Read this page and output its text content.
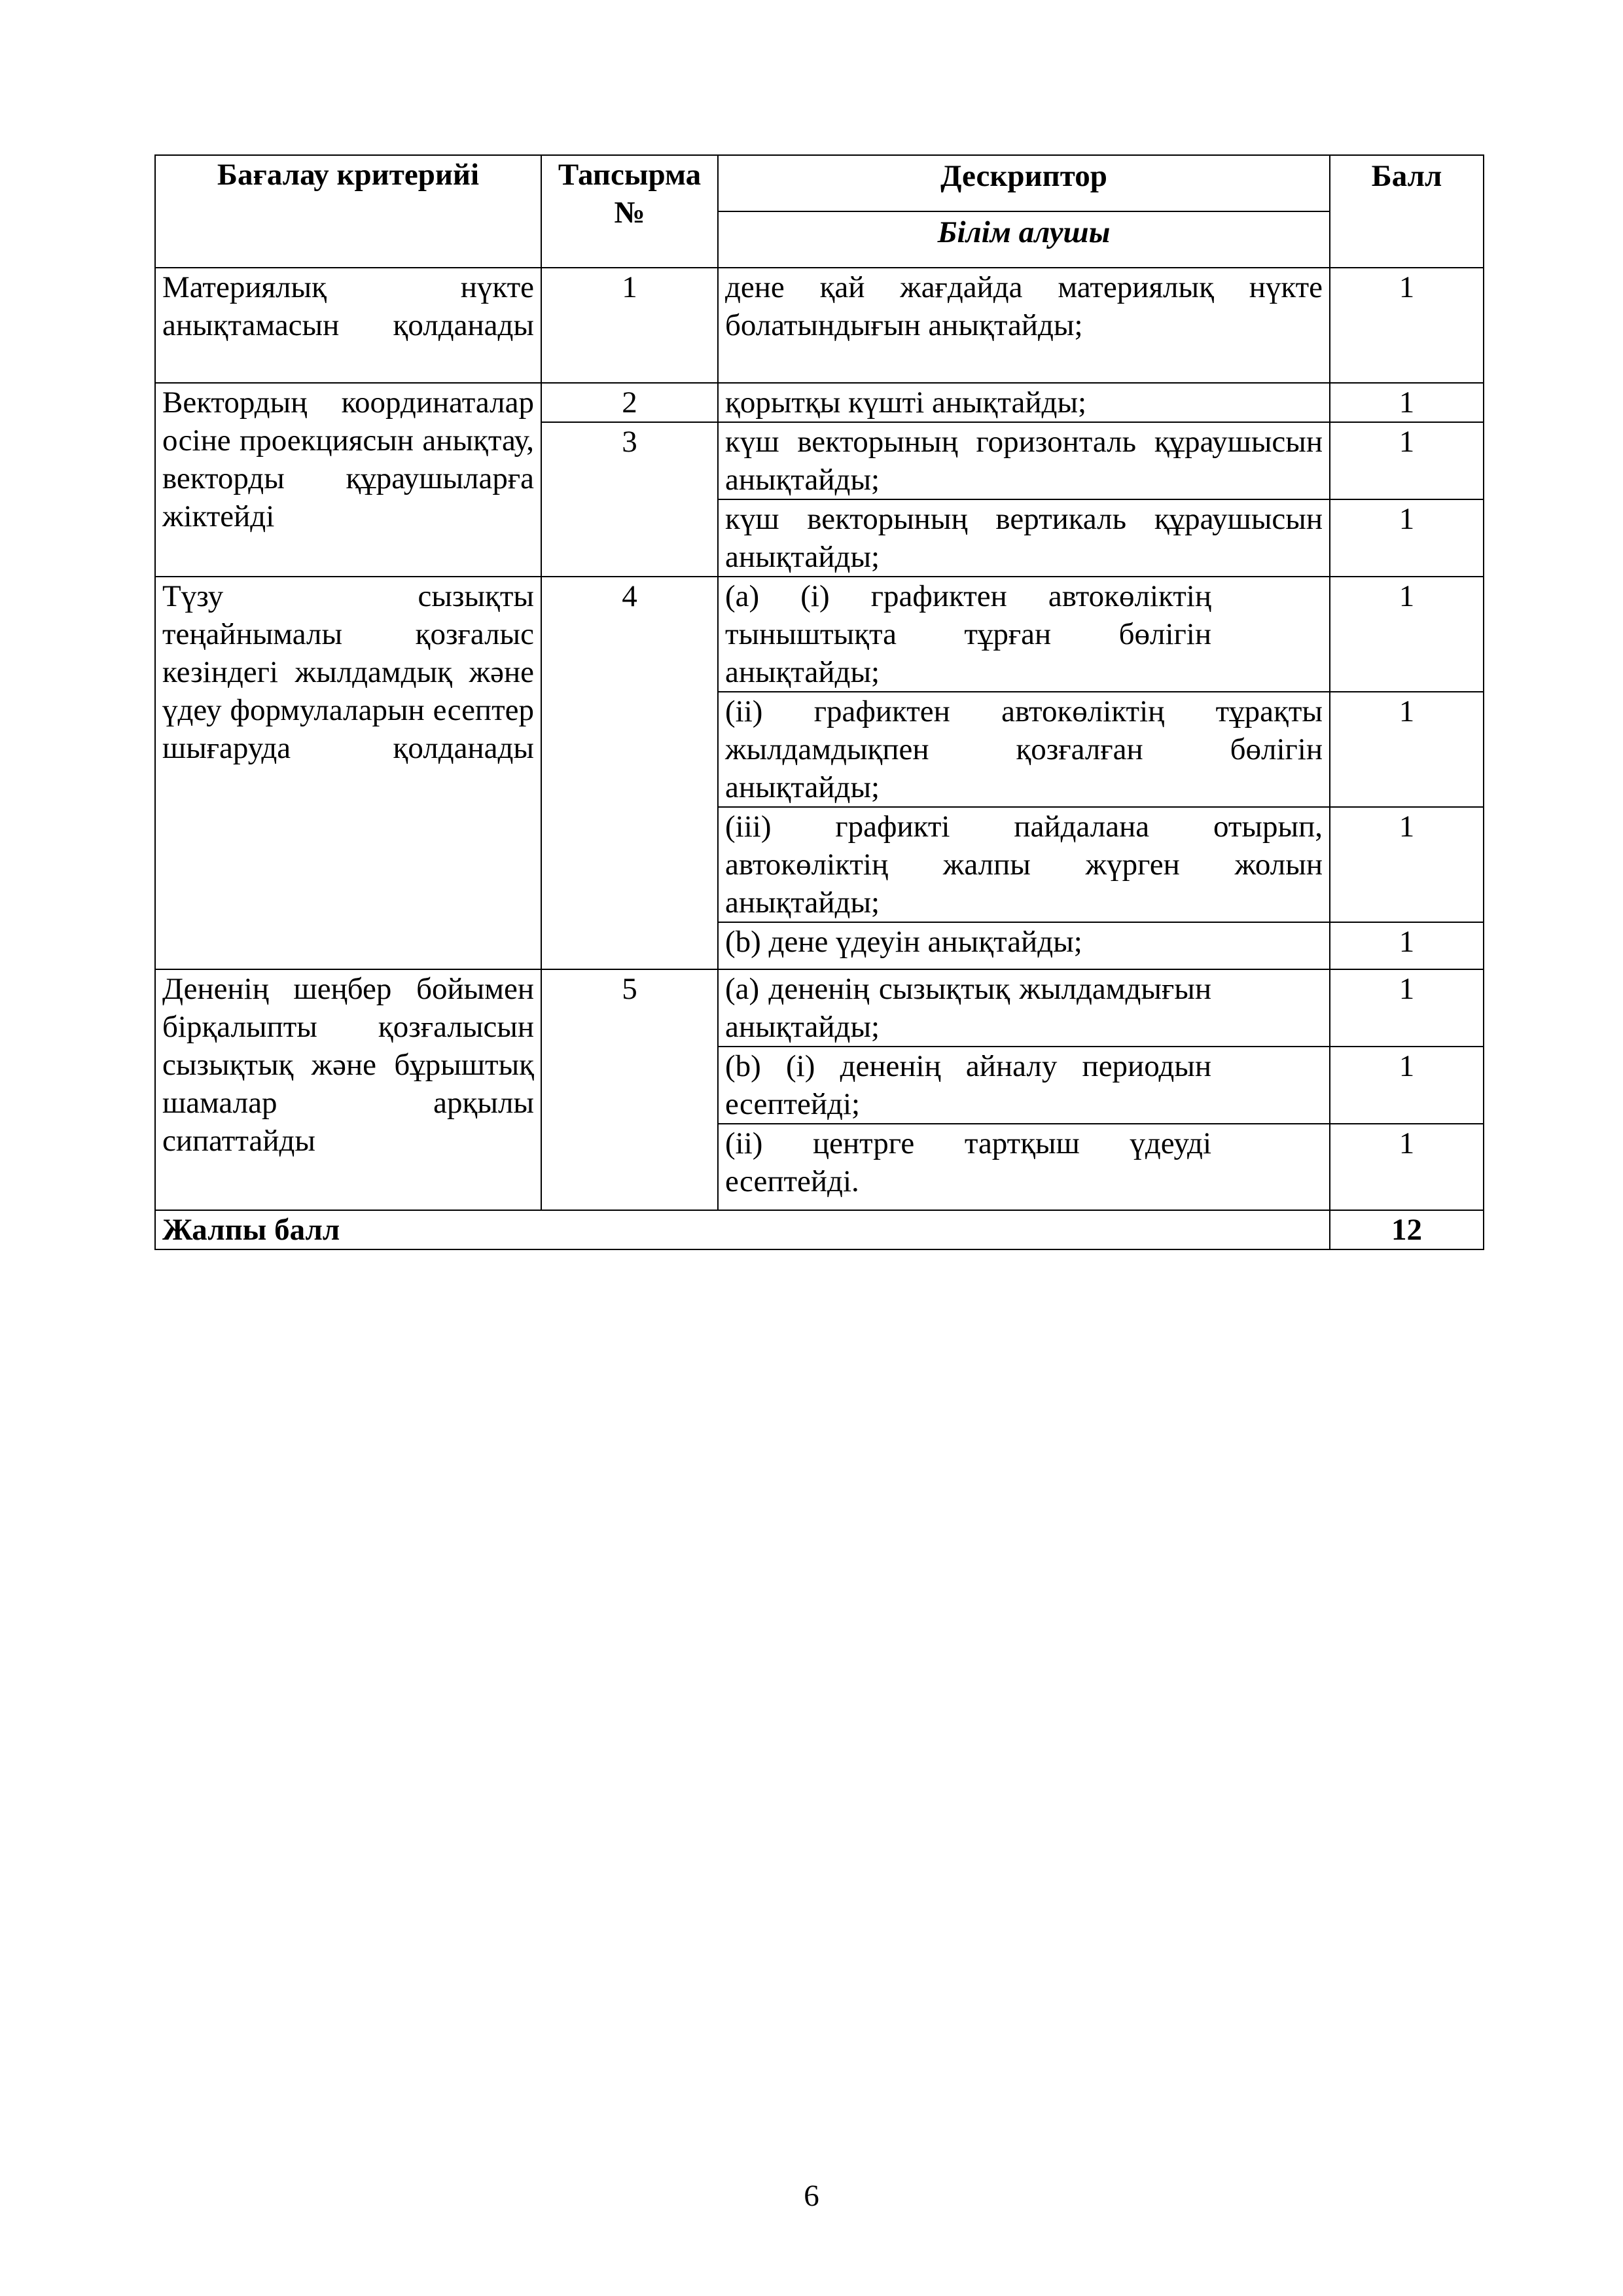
Бағалау критерийі	Тапсырма №	Дескриптор	Балл
		Білім алушы	
Материялық нүкте анықтамасын қолданады	1	дене қай жағдайда материялық нүкте болатындығын анықтайды;	1
Вектордың координаталар осіне проекциясын анықтау, векторды құраушыларға жіктейді	2	қорытқы күшті анықтайды;	1
	3	күш векторының горизонталь құраушысын анықтайды;	1
		күш векторының вертикаль құраушысын анықтайды;	1
Түзу сызықты теңайнымалы қозғалыс кезіндегі жылдамдық және үдеу формулаларын есептер шығаруда қолданады	4	(a) (i) графиктен автокөліктің тыныштықта тұрған бөлігін анықтайды;	1
		(ii) графиктен автокөліктің тұрақты жылдамдықпен қозғалған бөлігін анықтайды;	1
		(iii) графикті пайдалана отырып, автокөліктің жалпы жүрген жолын анықтайды;	1
		(b) дене үдеуін анықтайды;	1
Дененің шеңбер бойымен бірқалыпты қозғалысын сызықтық және бұрыштық шамалар арқылы сипаттайды	5	(a) дененің сызықтық жылдамдығын анықтайды;	1
		(b) (i) дененің айналу периодын есептейді;	1
		(ii) центрге тартқыш үдеуді есептейді.	1
Жалпы балл			12
6
